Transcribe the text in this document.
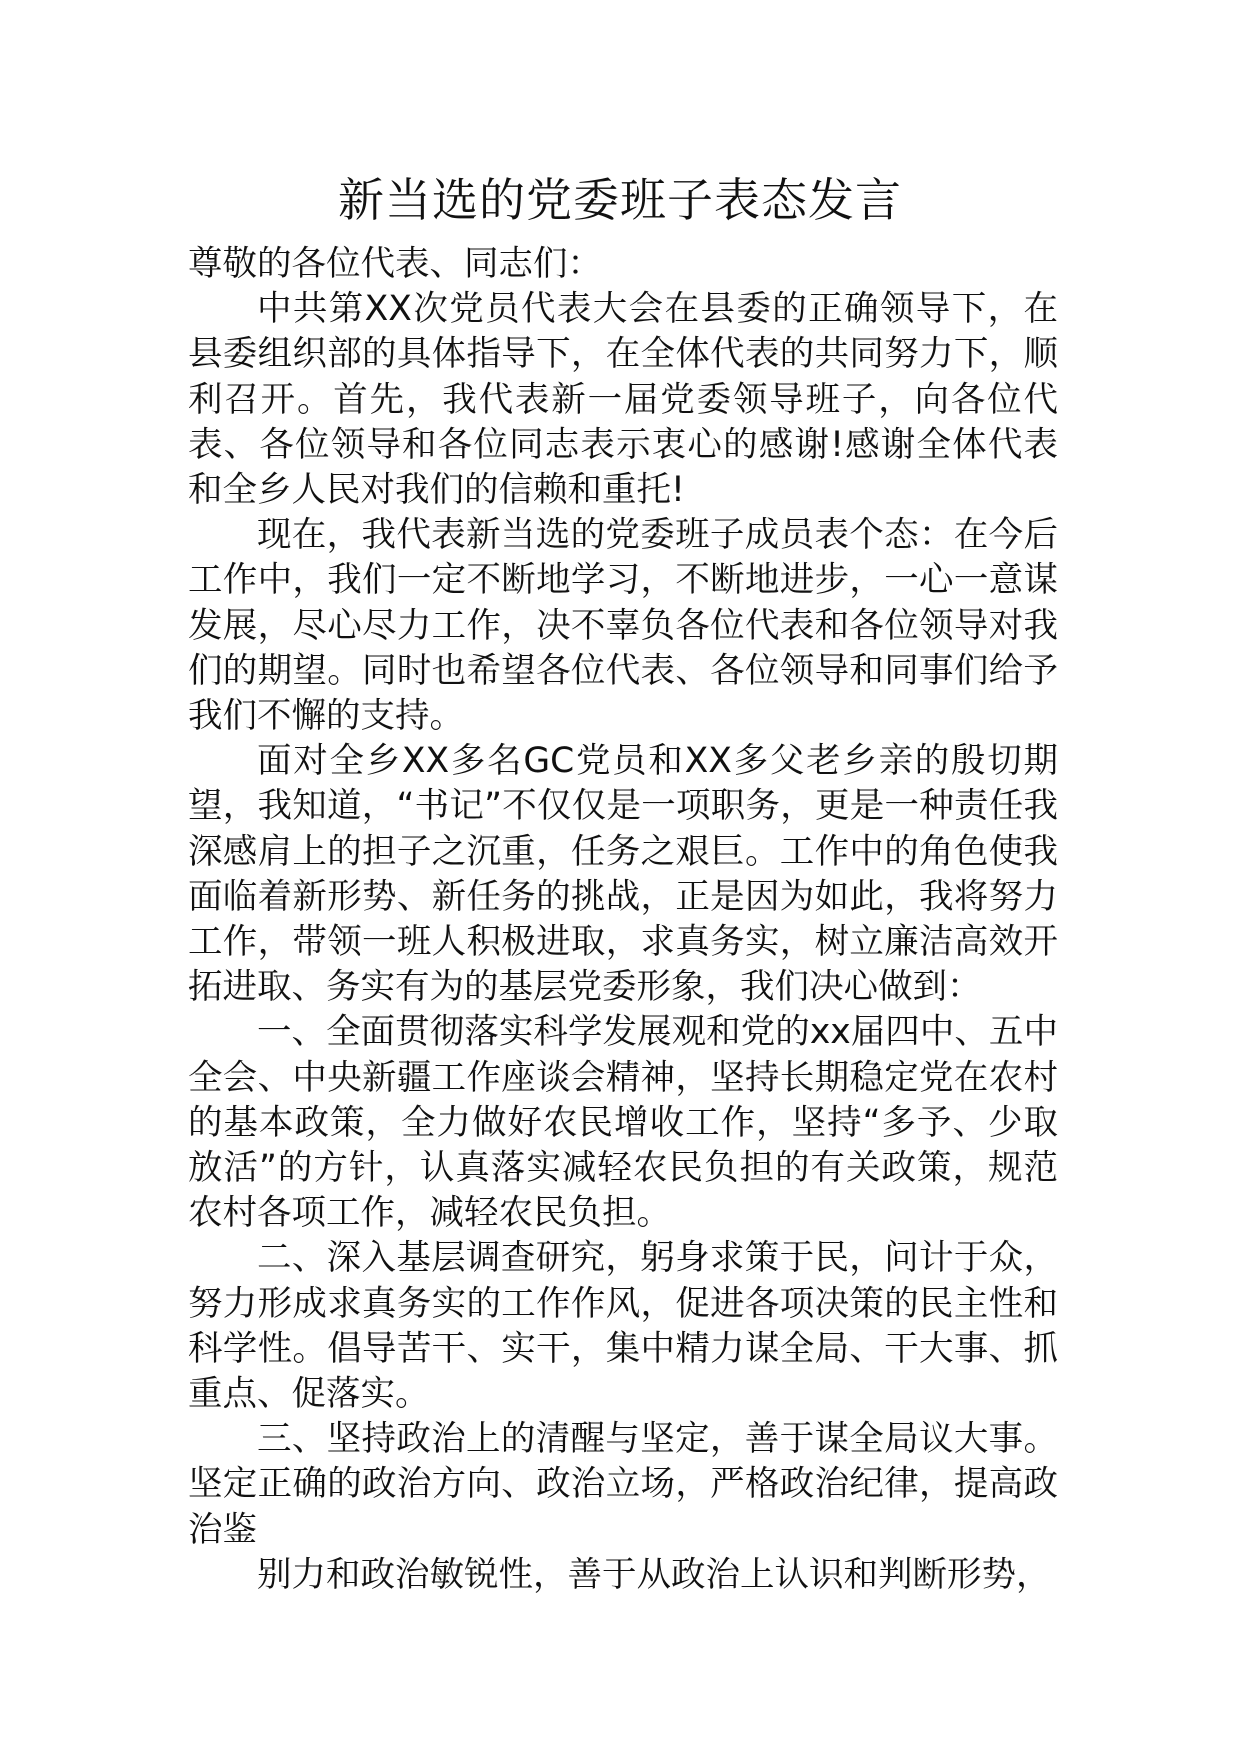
新当选的党委班子表态发言

尊敬的各位代表、同志们：

中共第XX次党员代表大会在县委的正确领导下，在县委组织部的具体指导下，在全体代表的共同努力下，顺利召开。首先，我代表新一届党委领导班子，向各位代表、各位领导和各位同志表示衷心的感谢!感谢全体代表和全乡人民对我们的信赖和重托!

现在，我代表新当选的党委班子成员表个态：在今后工作中，我们一定不断地学习，不断地进步，一心一意谋发展，尽心尽力工作，决不辜负各位代表和各位领导对我们的期望。同时也希望各位代表、各位领导和同事们给予我们不懈的支持。

面对全乡XX多名GC党员和XX多父老乡亲的殷切期望，我知道，“书记”不仅仅是一项职务，更是一种责任我深感肩上的担子之沉重，任务之艰巨。工作中的角色使我面临着新形势、新任务的挑战，正是因为如此，我将努力工作，带领一班人积极进取，求真务实，树立廉洁高效开拓进取、务实有为的基层党委形象，我们决心做到：

一、全面贯彻落实科学发展观和党的xx届四中、五中全会、中央新疆工作座谈会精神，坚持长期稳定党在农村的基本政策，全力做好农民增收工作，坚持“多予、少取放活”的方针，认真落实减轻农民负担的有关政策，规范农村各项工作，减轻农民负担。

二、深入基层调查研究，躬身求策于民，问计于众，努力形成求真务实的工作作风，促进各项决策的民主性和科学性。倡导苦干、实干，集中精力谋全局、干大事、抓重点、促落实。

三、坚持政治上的清醒与坚定，善于谋全局议大事。坚定正确的政治方向、政治立场，严格政治纪律，提高政治鉴

别力和政治敏锐性，善于从政治上认识和判断形势，
